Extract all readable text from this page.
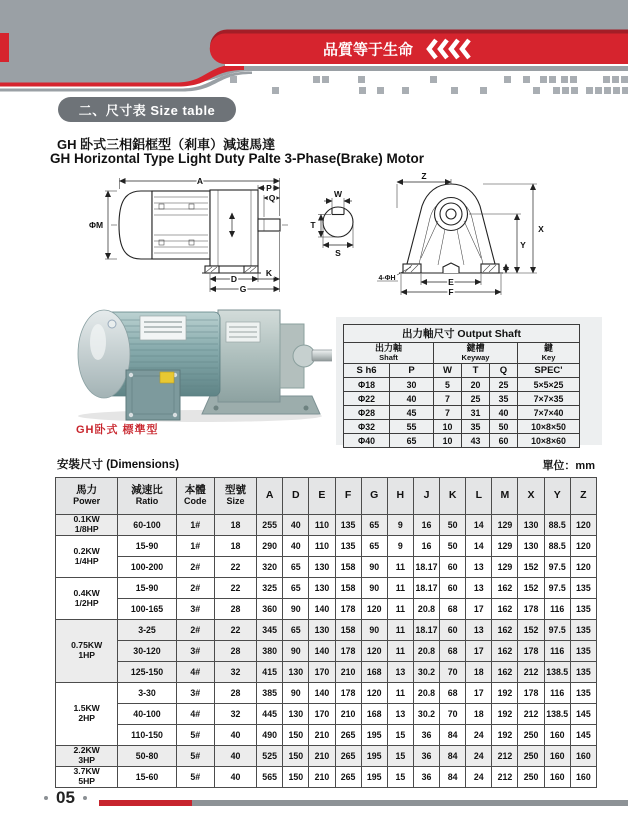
品質等于生命
二、尺寸表 Size table
GH 卧式三相鋁框型（剎車）減速馬達
GH Horizontal Type Light Duty Palte 3-Phase(Brake) Motor
A
P
Q
ΦM
D
K
G
W
T
S
Z
X
Y
E
F
4-ΦH
GH卧式 標準型
出力軸尺寸 Output Shaft					
出力軸
Shaft		鍵槽
Keyway			鍵
Key
S h6	P	W	T	Q	SPEC'
Φ18	30	5	20	25	5×5×25
Φ22	40	7	25	35	7×7×35
Φ28	45	7	31	40	7×7×40
Φ32	55	10	35	50	10×8×50
Φ40	65	10	43	60	10×8×60
安裝尺寸 (Dimensions)	單位：mm
馬力
Power

減速比
Ratio

本體
Code

型號
Size	A	D	E	F	G	H	J	K	L	M	X	Y	Z

0.1KW
1/8HP	60-100	1#	18	255	40	110	135	65	9	16	50	14	129	130	88.5	120

0.2KW
1/4HP	15-90	1#	18	290	40	110	135	65	9	16	50	14	129	130	88.5	120
	100-200	2#	22	320	65	130	158	90	11	18.17	60	13	129	152	97.5	120

0.4KW
1/2HP	15-90	2#	22	325	65	130	158	90	11	18.17	60	13	162	152	97.5	135
	100-165	3#	28	360	90	140	178	120	11	20.8	68	17	162	178	116	135

0.75KW
1HP	3-25	2#	22	345	65	130	158	90	11	18.17	60	13	162	152	97.5	135
	30-120	3#	28	380	90	140	178	120	11	20.8	68	17	162	178	116	135
	125-150	4#	32	415	130	170	210	168	13	30.2	70	18	162	212	138.5	135

1.5KW
2HP	3-30	3#	28	385	90	140	178	120	11	20.8	68	17	192	178	116	135
	40-100	4#	32	445	130	170	210	168	13	30.2	70	18	192	212	138.5	145
	110-150	5#	40	490	150	210	265	195	15	36	84	24	192	250	160	145

2.2KW
3HP	50-80	5#	40	525	150	210	265	195	15	36	84	24	212	250	160	160

3.7KW
5HP	15-60	5#	40	565	150	210	265	195	15	36	84	24	212	250	160	160
05
